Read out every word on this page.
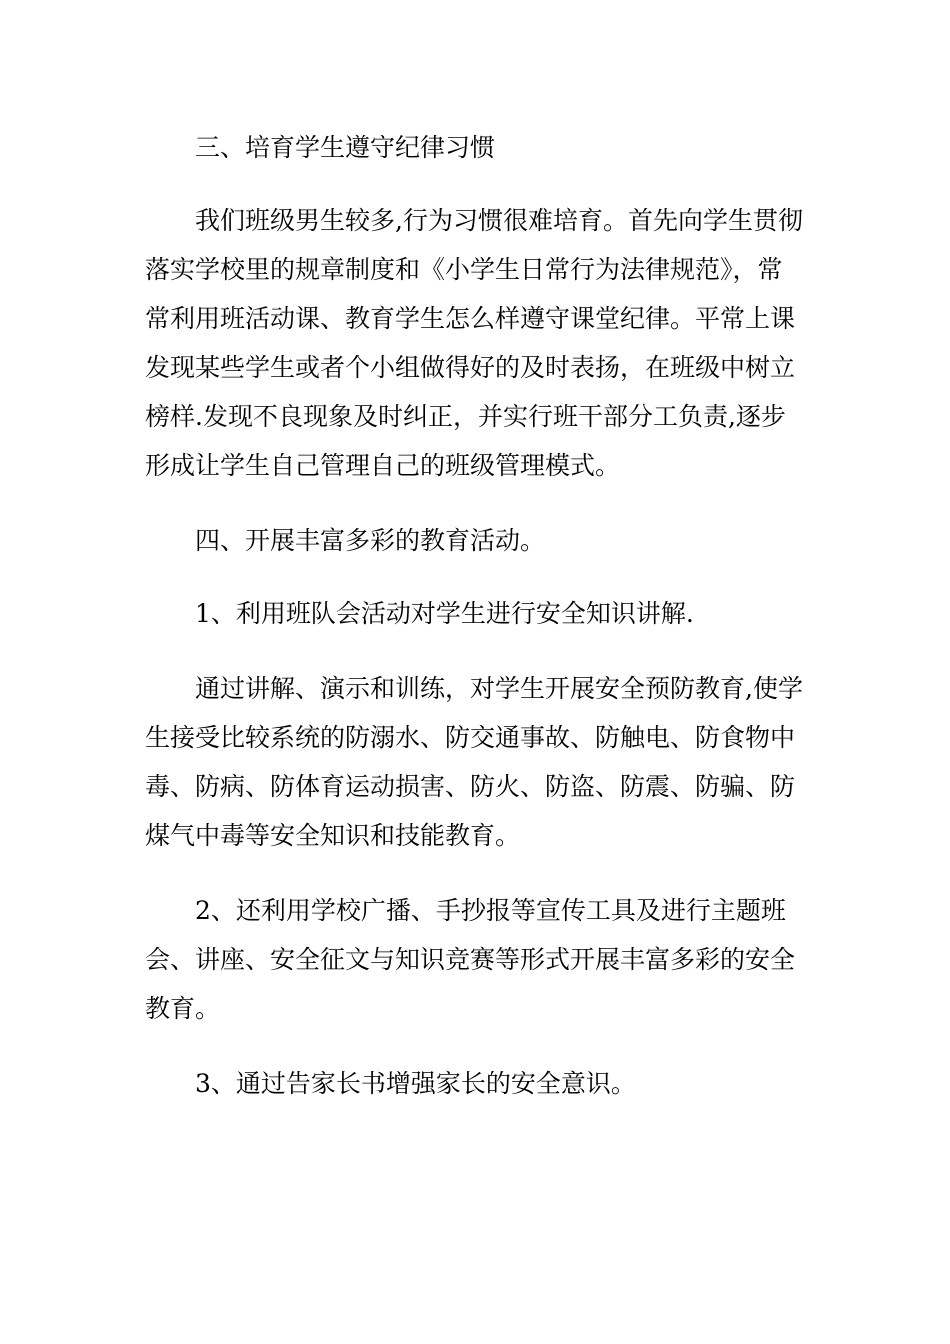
三、培育学生遵守纪律习惯

我们班级男生较多,行为习惯很难培育。首先向学生贯彻落实学校里的规章制度和《小学生日常行为法律规范》，常常利用班活动课、教育学生怎么样遵守课堂纪律。平常上课发现某些学生或者个小组做得好的及时表扬，在班级中树立榜样.发现不良现象及时纠正，并实行班干部分工负责,逐步形成让学生自己管理自己的班级管理模式。

四、开展丰富多彩的教育活动。

1、利用班队会活动对学生进行安全知识讲解.

通过讲解、演示和训练，对学生开展安全预防教育,使学生接受比较系统的防溺水、防交通事故、防触电、防食物中毒、防病、防体育运动损害、防火、防盗、防震、防骗、防煤气中毒等安全知识和技能教育。

2、还利用学校广播、手抄报等宣传工具及进行主题班会、讲座、安全征文与知识竞赛等形式开展丰富多彩的安全教育。

3、通过告家长书增强家长的安全意识。
